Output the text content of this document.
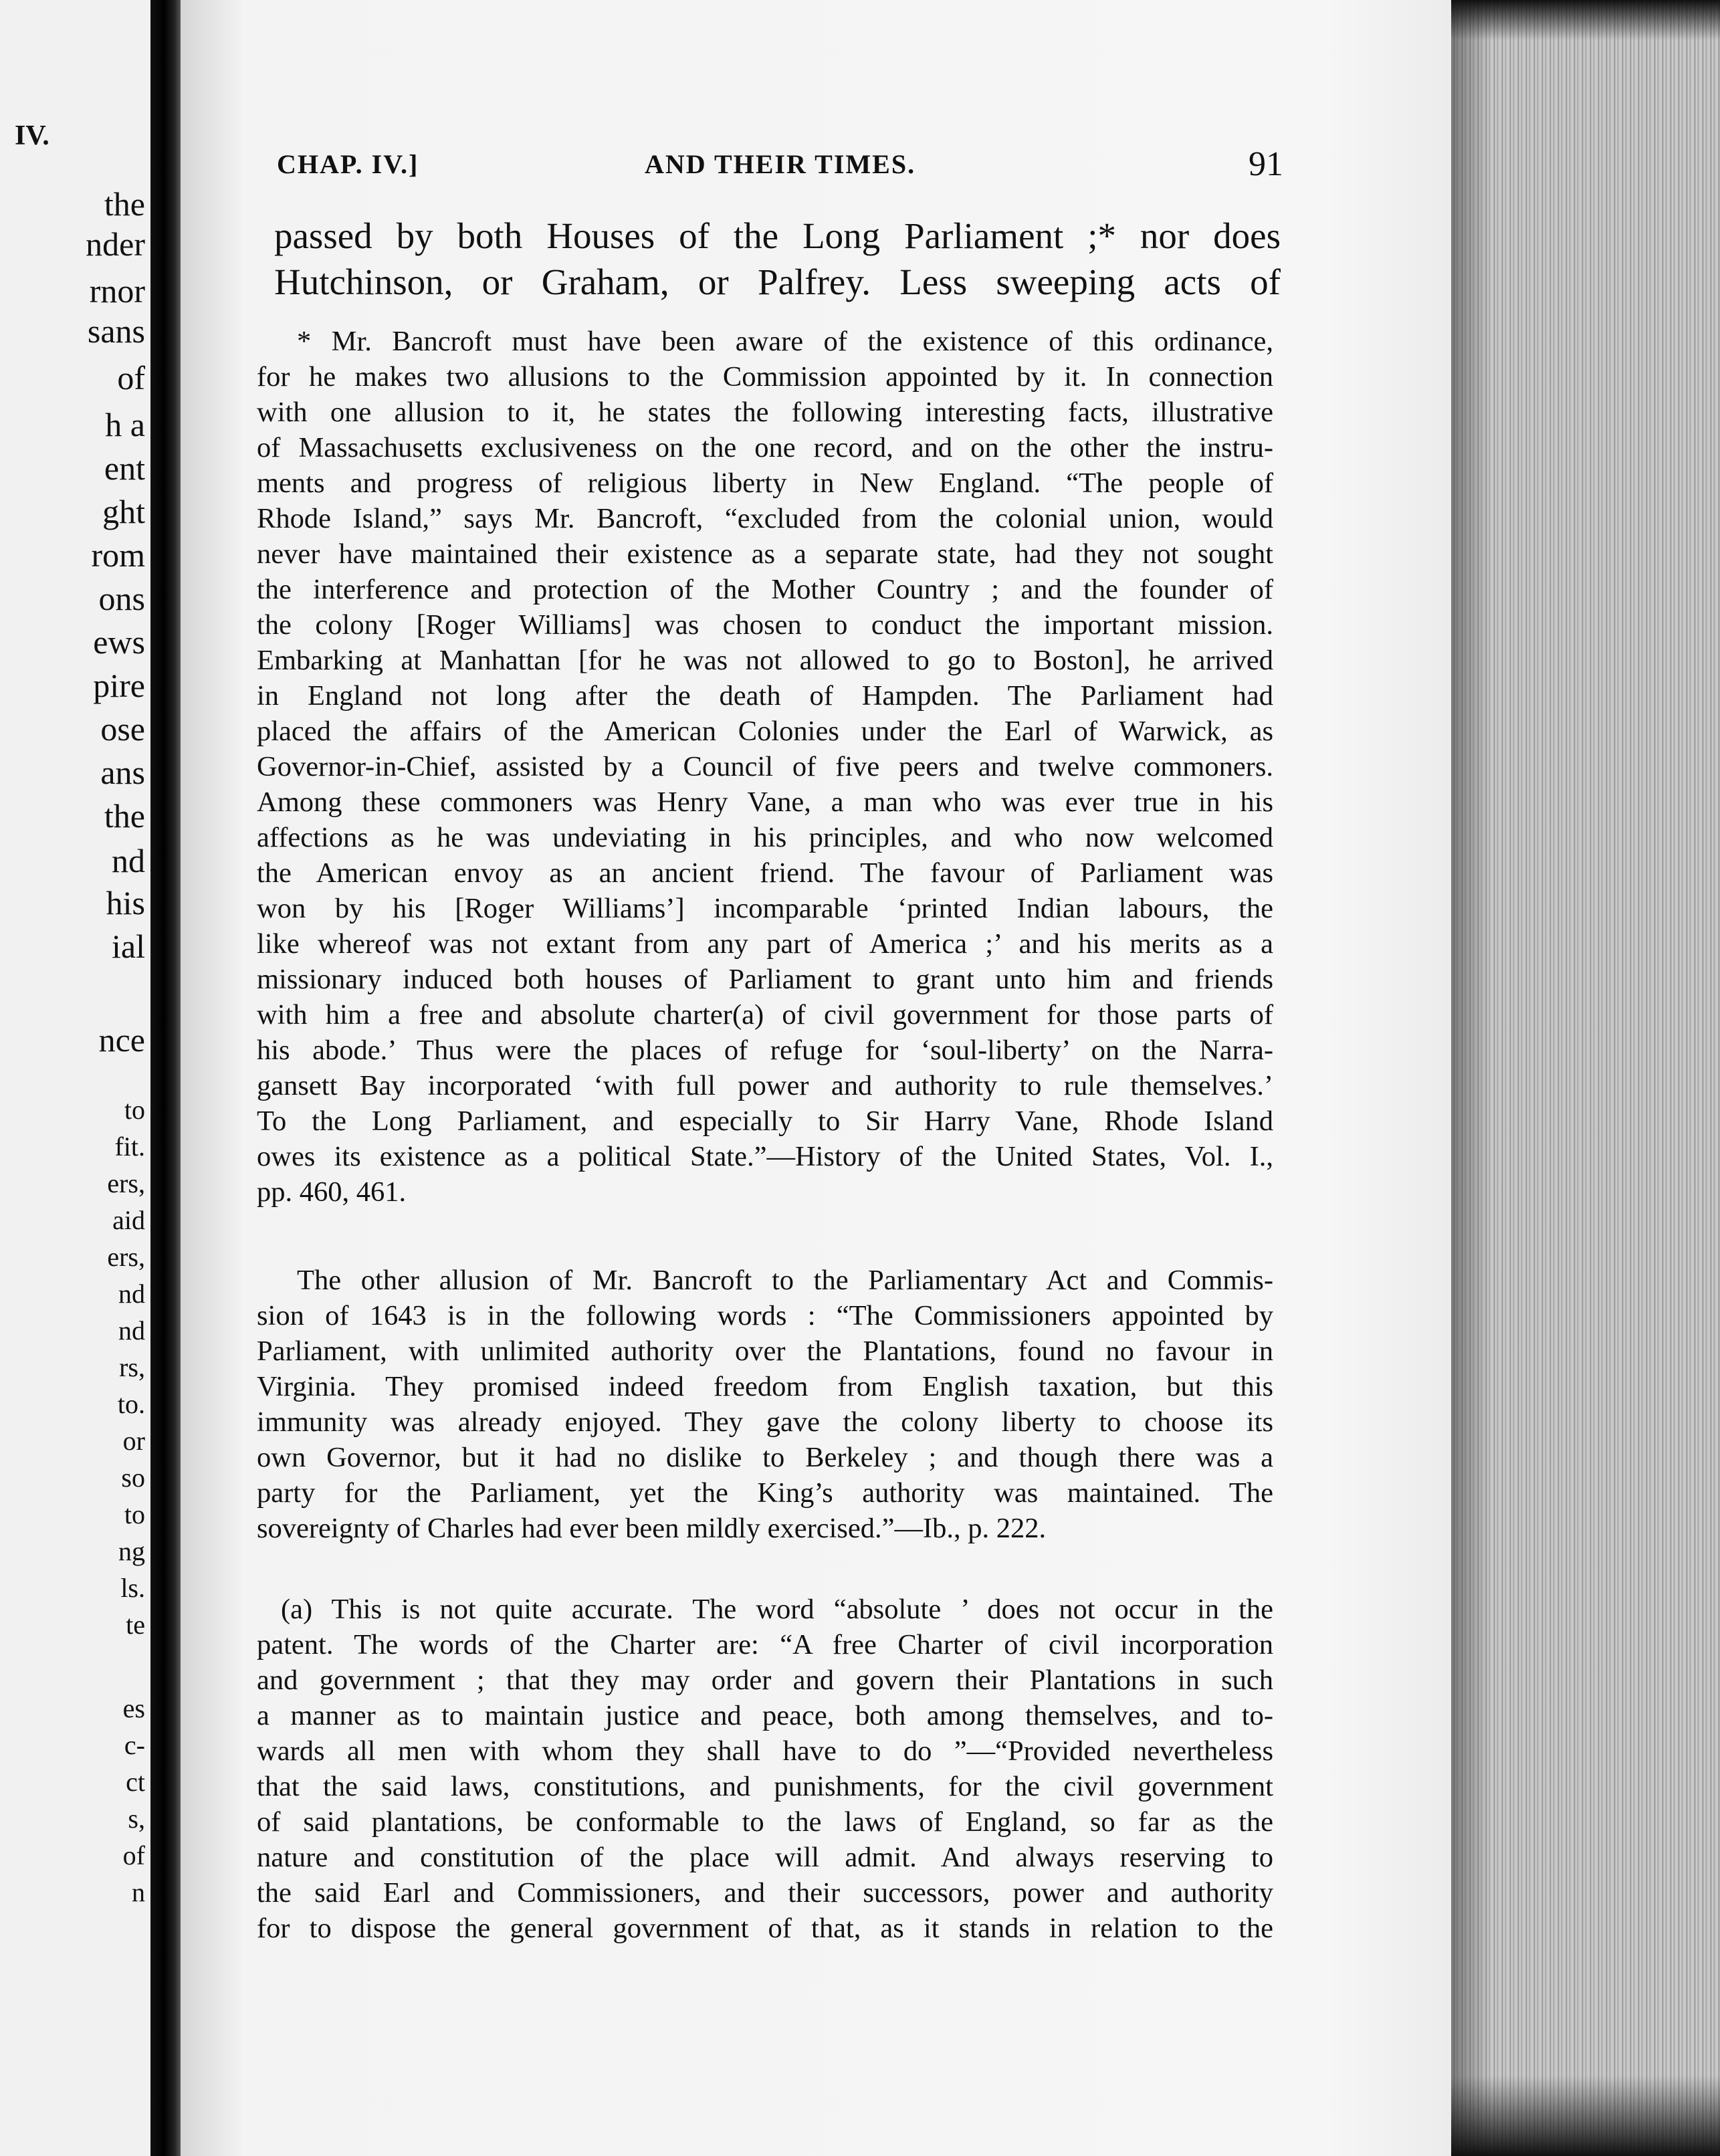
IV.
the
nder
rnor
sans
of
h a
ent
ght
rom
ons
ews
pire
ose
ans
the
nd
his
ial
nce
to
fit.
ers,
aid
ers,
nd
nd
rs,
to.
or
so
to
ng
ls.
te
es
c-
ct
s,
of
n
CHAP. IV.]	AND THEIR TIMES.	91
passed by both Houses of the Long Parliament ;* nor does
Hutchinson, or Graham, or Palfrey. Less sweeping acts of
* Mr. Bancroft must have been aware of the existence of this ordinance,
for he makes two allusions to the Commission appointed by it. In connection
with one allusion to it, he states the following interesting facts, illustrative
of Massachusetts exclusiveness on the one record, and on the other the instru-
ments and progress of religious liberty in New England. “The people of
Rhode Island,” says Mr. Bancroft, “excluded from the colonial union, would
never have maintained their existence as a separate state, had they not sought
the interference and protection of the Mother Country ; and the founder of
the colony [Roger Williams] was chosen to conduct the important mission.
Embarking at Manhattan [for he was not allowed to go to Boston], he arrived
in England not long after the death of Hampden. The Parliament had
placed the affairs of the American Colonies under the Earl of Warwick, as
Governor-in-Chief, assisted by a Council of five peers and twelve commoners.
Among these commoners was Henry Vane, a man who was ever true in his
affections as he was undeviating in his principles, and who now welcomed
the American envoy as an ancient friend. The favour of Parliament was
won by his [Roger Williams’] incomparable ‘printed Indian labours, the
like whereof was not extant from any part of America ;’ and his merits as a
missionary induced both houses of Parliament to grant unto him and friends
with him a free and absolute charter(a) of civil government for those parts of
his abode.’ Thus were the places of refuge for ‘soul-liberty’ on the Narra-
gansett Bay incorporated ‘with full power and authority to rule themselves.’
To the Long Parliament, and especially to Sir Harry Vane, Rhode Island
owes its existence as a political State.”—History of the United States, Vol. I.,
pp. 460, 461.
The other allusion of Mr. Bancroft to the Parliamentary Act and Commis-
sion of 1643 is in the following words : “The Commissioners appointed by
Parliament, with unlimited authority over the Plantations, found no favour in
Virginia. They promised indeed freedom from English taxation, but this
immunity was already enjoyed. They gave the colony liberty to choose its
own Governor, but it had no dislike to Berkeley ; and though there was a
party for the Parliament, yet the King’s authority was maintained. The
sovereignty of Charles had ever been mildly exercised.”—Ib., p. 222.
(a) This is not quite accurate. The word “absolute ’ does not occur in the
patent. The words of the Charter are: “A free Charter of civil incorporation
and government ; that they may order and govern their Plantations in such
a manner as to maintain justice and peace, both among themselves, and to-
wards all men with whom they shall have to do ”—“Provided nevertheless
that the said laws, constitutions, and punishments, for the civil government
of said plantations, be conformable to the laws of England, so far as the
nature and constitution of the place will admit. And always reserving to
the said Earl and Commissioners, and their successors, power and authority
for to dispose the general government of that, as it stands in relation to the
